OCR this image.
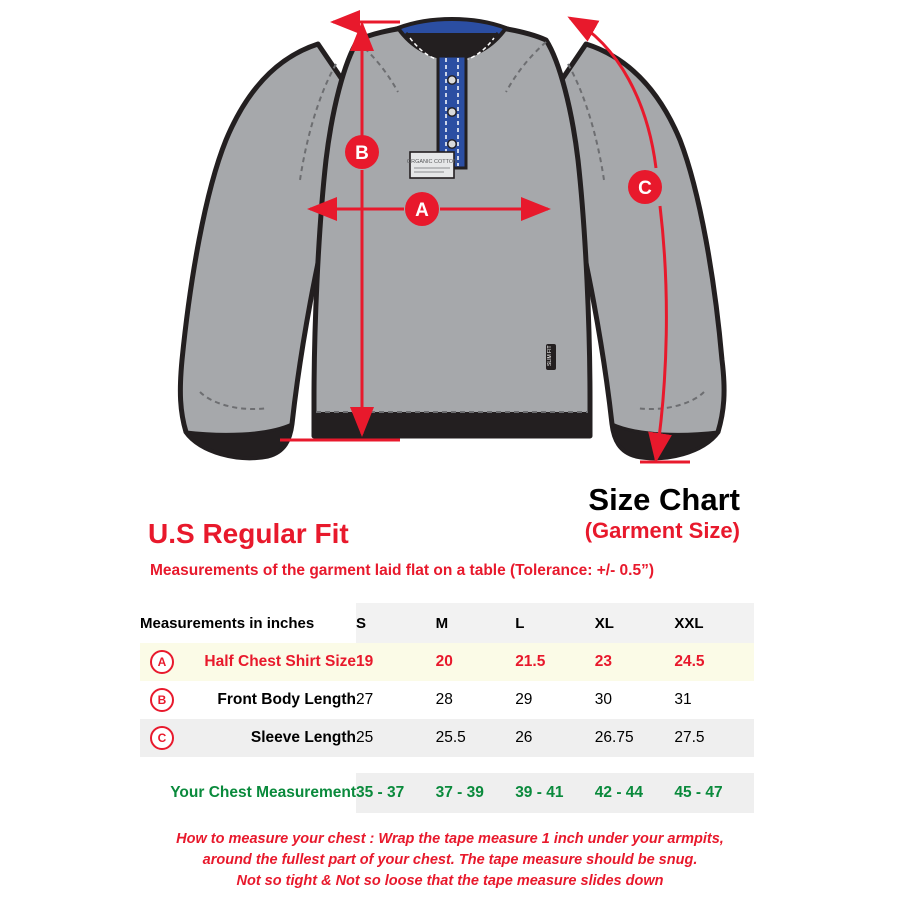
ORGANIC COTTON
SLIM FIT
B
A
C
Size Chart
(Garment Size)
U.S Regular Fit
Measurements of the garment laid flat on a table (Tolerance: +/- 0.5”)
Measurements in inches	S	M	L	XL	XXL

A Half Chest Shirt Size	19	20	21.5	23	24.5

B Front Body Length	27	28	29	30	31

C Sleeve Length	25	25.5	26	26.75	27.5

Your Chest Measurement	35 - 37	37 - 39	39 - 41	42 - 44	45 - 47
How to measure your chest : Wrap the tape measure 1 inch under your armpits,
around the fullest part of your chest. The tape measure should be snug.
Not so tight & Not so loose that the tape measure slides down
